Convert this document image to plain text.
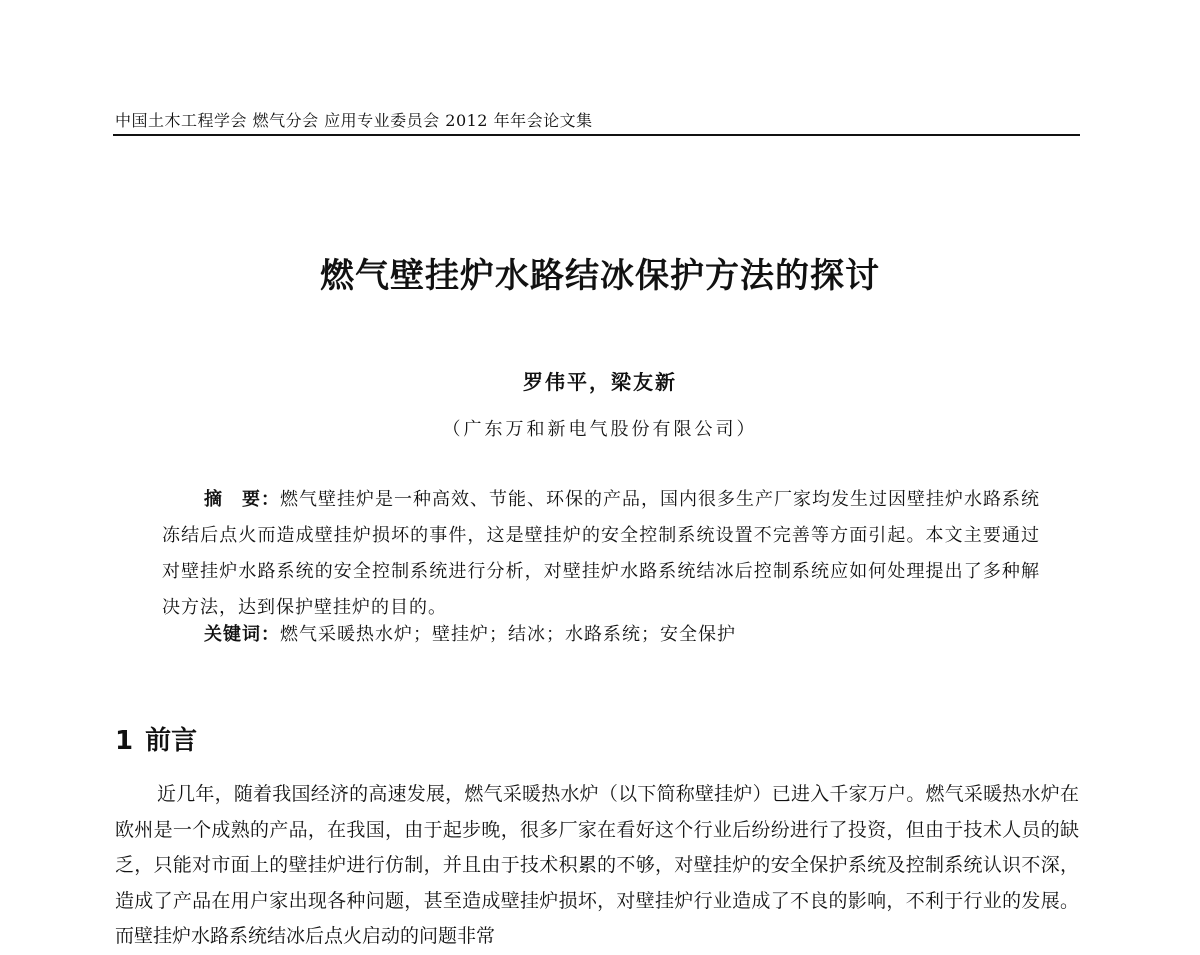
中国土木工程学会 燃气分会 应用专业委员会 2012 年年会论文集
燃气壁挂炉水路结冰保护方法的探讨
罗伟平，梁友新
（广东万和新电气股份有限公司）
摘　要：燃气壁挂炉是一种高效、节能、环保的产品，国内很多生产厂家均发生过因壁挂炉水路系统冻结后点火而造成壁挂炉损坏的事件，这是壁挂炉的安全控制系统设置不完善等方面引起。本文主要通过对壁挂炉水路系统的安全控制系统进行分析，对壁挂炉水路系统结冰后控制系统应如何处理提出了多种解决方法，达到保护壁挂炉的目的。
关键词：燃气采暖热水炉；壁挂炉；结冰；水路系统；安全保护
1 前言
近几年，随着我国经济的高速发展，燃气采暖热水炉（以下简称壁挂炉）已进入千家万户。燃气采暖热水炉在欧州是一个成熟的产品，在我国，由于起步晚，很多厂家在看好这个行业后纷纷进行了投资，但由于技术人员的缺乏，只能对市面上的壁挂炉进行仿制，并且由于技术积累的不够，对壁挂炉的安全保护系统及控制系统认识不深，造成了产品在用户家出现各种问题，甚至造成壁挂炉损坏，对壁挂炉行业造成了不良的影响，不利于行业的发展。而壁挂炉水路系统结冰后点火启动的问题非常
